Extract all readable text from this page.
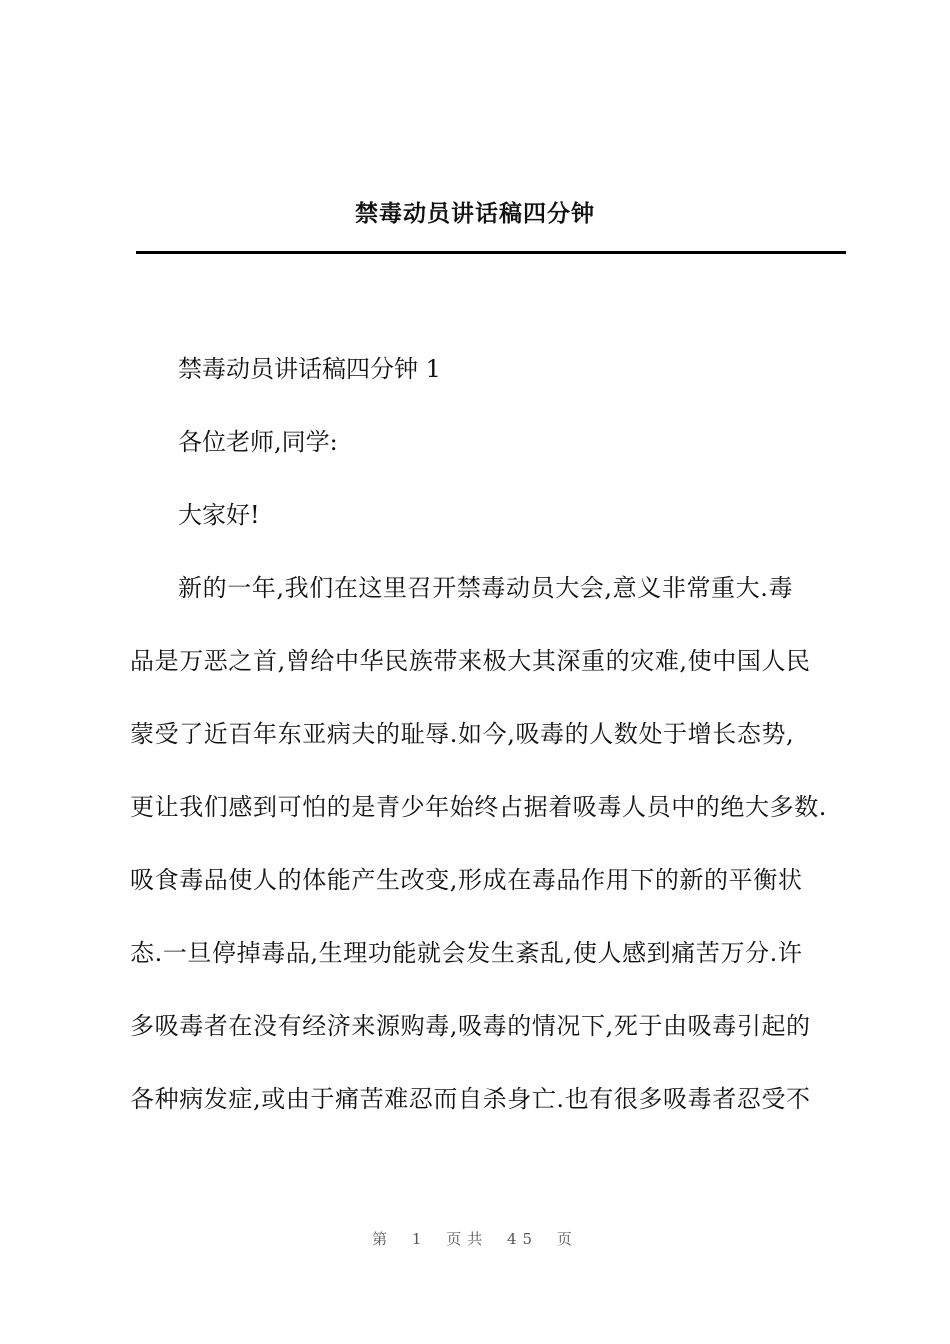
禁毒动员讲话稿四分钟

禁毒动员讲话稿四分钟 1

各位老师,同学:

大家好!

新的一年,我们在这里召开禁毒动员大会,意义非常重大.毒
品是万恶之首,曾给中华民族带来极大其深重的灾难,使中国人民
蒙受了近百年东亚病夫的耻辱.如今,吸毒的人数处于增长态势,
更让我们感到可怕的是青少年始终占据着吸毒人员中的绝大多数.
吸食毒品使人的体能产生改变,形成在毒品作用下的新的平衡状
态.一旦停掉毒品,生理功能就会发生紊乱,使人感到痛苦万分.许
多吸毒者在没有经济来源购毒,吸毒的情况下,死于由吸毒引起的
各种病发症,或由于痛苦难忍而自杀身亡.也有很多吸毒者忍受不
第 1 页共 45 页
